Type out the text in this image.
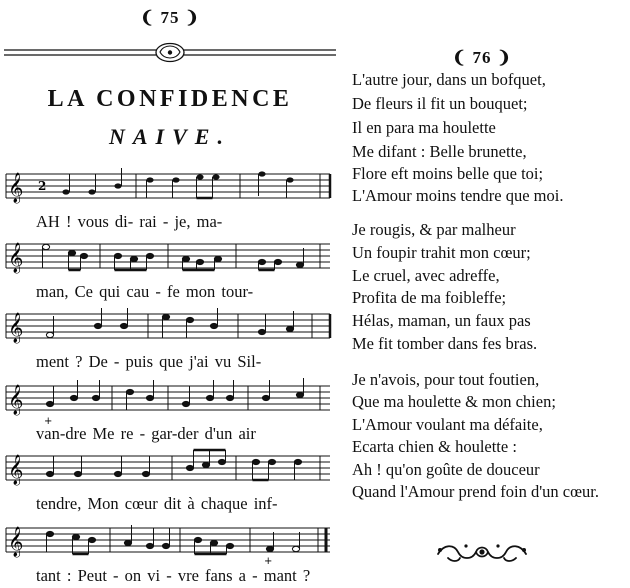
❨ 75 ❩
LA CONFIDENCE
NAIVE.
𝄞 2
AH ! vous di- rai - je, ma-
𝄞
man, Ce qui cau - fe mon tour-
𝄞
ment ? De - puis que j'ai vu Sil-
𝄞
+
van-dre Me re - gar-der d'un air
𝄞
tendre, Mon cœur dit à chaque inf-
𝄞
+
tant : Peut - on vi - vre fans a - mant ?
❨ 76 ❩
L'autre jour, dans un bofquet,
De fleurs il fit un bouquet;
Il en para ma houlette
Me difant : Belle brunette,
Flore eft moins belle que toi;
L'Amour moins tendre que moi.
Je rougis, & par malheur
Un foupir trahit mon cœur;
Le cruel, avec adreffe,
Profita de ma foibleffe;
Hélas, maman, un faux pas
Me fit tomber dans fes bras.
Je n'avois, pour tout foutien,
Que ma houlette & mon chien;
L'Amour voulant ma défaite,
Ecarta chien & houlette :
Ah ! qu'on goûte de douceur
Quand l'Amour prend foin d'un cœur.
